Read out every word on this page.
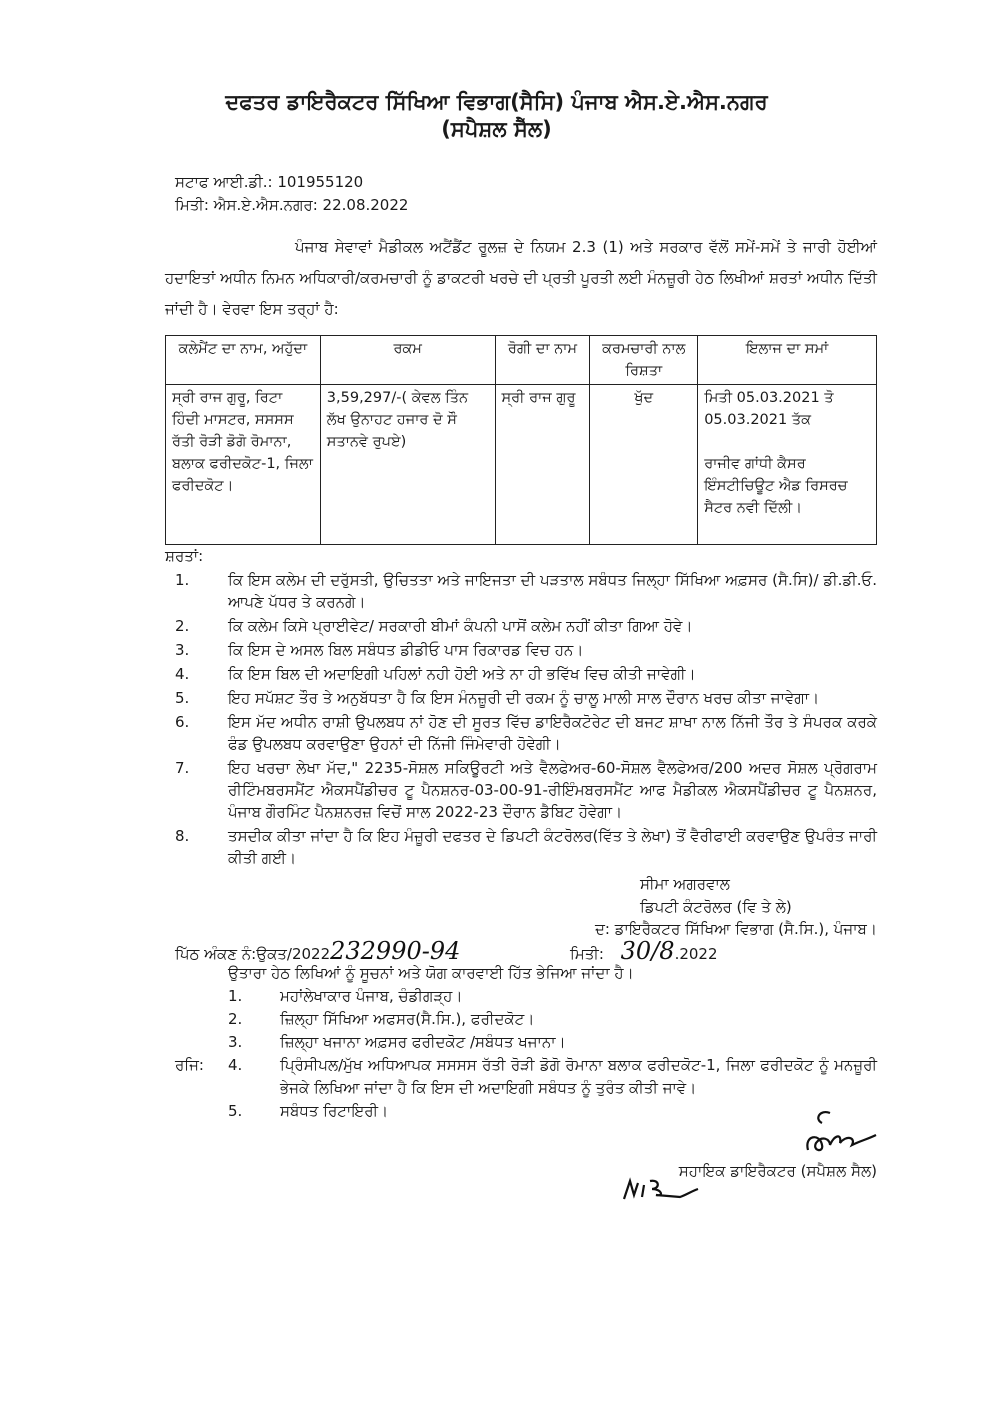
ਦਫਤਰ ਡਾਇਰੈਕਟਰ ਸਿੱਖਿਆ ਵਿਭਾਗ(ਸੈਸਿ) ਪੰਜਾਬ ਐਸ.ਏ.ਐਸ.ਨਗਰ
(ਸਪੈਸ਼ਲ ਸੈੱਲ)
ਸਟਾਫ ਆਈ.ਡੀ.: 101955120
ਮਿਤੀ: ਐਸ.ਏ.ਐਸ.ਨਗਰ: 22.08.2022
ਪੰਜਾਬ ਸੇਵਾਵਾਂ ਮੈਡੀਕਲ ਅਟੈਂਡੈਂਟ ਰੂਲਜ਼ ਦੇ ਨਿਯਮ 2.3 (1) ਅਤੇ ਸਰਕਾਰ ਵੱਲੋਂ ਸਮੇਂ-ਸਮੇਂ ਤੇ ਜਾਰੀ ਹੋਈਆਂ ਹਦਾਇਤਾਂ ਅਧੀਨ ਨਿਮਨ ਅਧਿਕਾਰੀ/ਕਰਮਚਾਰੀ ਨੂੰ ਡਾਕਟਰੀ ਖਰਚੇ ਦੀ ਪ੍ਰਤੀ ਪੂਰਤੀ ਲਈ ਮੰਨਜ਼ੂਰੀ ਹੇਠ ਲਿਖੀਆਂ ਸ਼ਰਤਾਂ ਅਧੀਨ ਦਿੱਤੀ ਜਾਂਦੀ ਹੈ। ਵੇਰਵਾ ਇਸ ਤਰ੍ਹਾਂ ਹੈ:
ਕਲੇਮੈਂਟ ਦਾ ਨਾਮ, ਅਹੁੱਦਾ	ਰਕਮ	ਰੋਗੀ ਦਾ ਨਾਮ	ਕਰਮਚਾਰੀ ਨਾਲ ਰਿਸ਼ਤਾ	ਇਲਾਜ ਦਾ ਸਮਾਂ
ਸ੍ਰੀ ਰਾਜ ਗੁਰੂ, ਰਿਟਾ ਹਿੰਦੀ ਮਾਸਟਰ, ਸਸਸਸ ਰੱਤੀ ਰੋੜੀ ਡੋਗੋ ਰੋਮਾਨਾ, ਬਲਾਕ ਫਰੀਦਕੋਟ-1, ਜਿਲਾ ਫਰੀਦਕੋਟ।	3,59,297/-( ਕੇਵਲ ਤਿੰਨ ਲੱਖ ਉਨਾਹਟ ਹਜਾਰ ਦੋ ਸੌ ਸਤਾਨਵੇ ਰੁਪਏ)	ਸ੍ਰੀ ਰਾਜ ਗੁਰੂ	ਖੁੱਦ	ਮਿਤੀ 05.03.2021 ਤੋ 05.03.2021 ਤੱਕ
ਰਾਜੀਵ ਗਾਂਧੀ ਕੈਸਰ ਇੰਸਟੀਚਿਊਟ ਐਡ ਰਿਸਰਚ ਸੈਟਰ ਨਵੀ ਦਿੱਲੀ।
ਸ਼ਰਤਾਂ:
1.	ਕਿ ਇਸ ਕਲੇਮ ਦੀ ਦਰੁੱਸਤੀ, ਉਚਿਤਤਾ ਅਤੇ ਜਾਇਜਤਾ ਦੀ ਪੜਤਾਲ ਸਬੰਧਤ ਜਿਲ੍ਹਾ ਸਿੱਖਿਆ ਅਫ਼ਸਰ (ਸੈ.ਸਿ)/ ਡੀ.ਡੀ.ਓ. ਆਪਣੇ ਪੱਧਰ ਤੇ ਕਰਨਗੇ।
2.	ਕਿ ਕਲੇਮ ਕਿਸੇ ਪ੍ਰਾਈਵੇਟ/ ਸਰਕਾਰੀ ਬੀਮਾਂ ਕੰਪਨੀ ਪਾਸੋਂ ਕਲੇਮ ਨਹੀਂ ਕੀਤਾ ਗਿਆ ਹੋਵੇ।
3.	ਕਿ ਇਸ ਦੇ ਅਸਲ ਬਿਲ ਸਬੰਧਤ ਡੀਡੀਓ ਪਾਸ ਰਿਕਾਰਡ ਵਿਚ ਹਨ।
4.	ਕਿ ਇਸ ਬਿਲ ਦੀ ਅਦਾਇਗੀ ਪਹਿਲਾਂ ਨਹੀ ਹੋਈ ਅਤੇ ਨਾ ਹੀ ਭਵਿੱਖ ਵਿਚ ਕੀਤੀ ਜਾਵੇਗੀ।
5.	ਇਹ ਸਪੱਸ਼ਟ ਤੌਰ ਤੇ ਅਨੁਬੱਧਤਾ ਹੈ ਕਿ ਇਸ ਮੰਨਜ਼ੂਰੀ ਦੀ ਰਕਮ ਨੂੰ ਚਾਲੂ ਮਾਲੀ ਸਾਲ ਦੌਰਾਨ ਖਰਚ ਕੀਤਾ ਜਾਵੇਗਾ।
6.	ਇਸ ਮੱਦ ਅਧੀਨ ਰਾਸ਼ੀ ਉਪਲਬਧ ਨਾਂ ਹੋਣ ਦੀ ਸੂਰਤ ਵਿੱਚ ਡਾਇਰੈਕਟੋਰੇਟ ਦੀ ਬਜਟ ਸ਼ਾਖਾ ਨਾਲ ਨਿੱਜੀ ਤੌਰ ਤੇ ਸੰਪਰਕ ਕਰਕੇ ਫੰਡ ਉਪਲਬਧ ਕਰਵਾਉਣਾ ਉਹਨਾਂ ਦੀ ਨਿੱਜੀ ਜਿੰਮੇਵਾਰੀ ਹੋਵੇਗੀ।
7.	ਇਹ ਖਰਚਾ ਲੇਖਾ ਮੱਦ," 2235-ਸੋਸ਼ਲ ਸਕਿਊਰਟੀ ਅਤੇ ਵੈਲਫੇਅਰ-60-ਸੋਸ਼ਲ ਵੈਲਫੇਅਰ/200 ਅਦਰ ਸੋਸ਼ਲ ਪ੍ਰੋਗਰਾਮ ਰੀਟਿੰਮਬਰਸਮੈਂਟ ਐਕਸਪੈਂਡੀਚਰ ਟੂ ਪੈਨਸ਼ਨਰ-03-00-91-ਰੀਇੰਮਬਰਸਮੈਂਟ ਆਫ ਮੈਡੀਕਲ ਐਕਸਪੈਂਡੀਚਰ ਟੂ ਪੈਨਸ਼ਨਰ, ਪੰਜਾਬ ਗੌਰਮਿੰਟ ਪੈਨਸ਼ਨਰਜ਼ ਵਿਚੋਂ ਸਾਲ 2022-23 ਦੌਰਾਨ ਡੈਬਿਟ ਹੋਵੇਗਾ।
8.	ਤਸਦੀਕ ਕੀਤਾ ਜਾਂਦਾ ਹੈ ਕਿ ਇਹ ਮੰਜ਼ੂਰੀ ਦਫਤਰ ਦੇ ਡਿਪਟੀ ਕੰਟਰੋਲਰ(ਵਿੱਤ ਤੇ ਲੇਖਾ) ਤੋਂ ਵੈਰੀਫਾਈ ਕਰਵਾਉਣ ਉਪਰੰਤ ਜਾਰੀ ਕੀਤੀ ਗਈ।
ਸੀਮਾ ਅਗਰਵਾਲ
ਡਿਪਟੀ ਕੰਟਰੋਲਰ (ਵਿ ਤੇ ਲੇ)
ਦ: ਡਾਇਰੈਕਟਰ ਸਿੱਖਿਆ ਵਿਭਾਗ (ਸੈ.ਸਿ.), ਪੰਜਾਬ।
ਪਿੱਠ ਅੰਕਣ ਨੰ:ਉਕਤ/2022232990-94	ਮਿਤੀ: 30/8.2022
ਉਤਾਰਾ ਹੇਠ ਲਿਖਿਆਂ ਨੂੰ ਸੂਚਨਾਂ ਅਤੇ ਯੋਗ ਕਾਰਵਾਈ ਹਿੱਤ ਭੇਜਿਆ ਜਾਂਦਾ ਹੈ।
1.	ਮਹਾਂਲੇਖਾਕਾਰ ਪੰਜਾਬ, ਚੰਡੀਗੜ੍ਹ।
2.	ਜ਼ਿਲ੍ਹਾ ਸਿੱਖਿਆ ਅਫਸਰ(ਸੈ.ਸਿ.), ਫਰੀਦਕੋਟ।
3.	ਜ਼ਿਲ੍ਹਾ ਖਜਾਨਾ ਅਫ਼ਸਰ ਫਰੀਦਕੋਟ /ਸਬੰਧਤ ਖਜਾਨਾ।
ਰਜਿ:	4.	ਪ੍ਰਿੰਸੀਪਲ/ਮੁੱਖ ਅਧਿਆਪਕ ਸਸਸਸ ਰੱਤੀ ਰੋੜੀ ਡੋਗੋ ਰੋਮਾਨਾ ਬਲਾਕ ਫਰੀਦਕੋਟ-1, ਜਿਲਾ ਫਰੀਦਕੋਟ ਨੂੰ ਮਨਜ਼ੂਰੀ ਭੇਜਕੇ ਲਿਖਿਆ ਜਾਂਦਾ ਹੈ ਕਿ ਇਸ ਦੀ ਅਦਾਇਗੀ ਸਬੰਧਤ ਨੂੰ ਤੁਰੰਤ ਕੀਤੀ ਜਾਵੇ।
5.	ਸਬੰਧਤ ਰਿਟਾਇਰੀ।
ਸਹਾਇਕ ਡਾਇਰੈਕਟਰ (ਸਪੈਸ਼ਲ ਸੈਲ)
